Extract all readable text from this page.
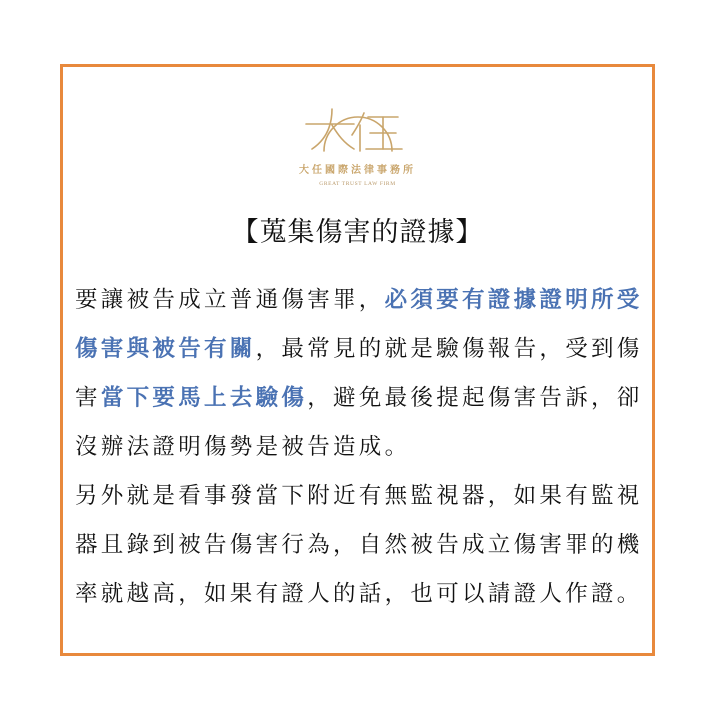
大任國際法律事務所
GREAT TRUST LAW FIRM
【蒐集傷害的證據】

要讓被告成立普通傷害罪，必須要有證據證明所受傷害與被告有關，最常見的就是驗傷報告，受到傷害當下要馬上去驗傷，避免最後提起傷害告訴，卻沒辦法證明傷勢是被告造成。

另外就是看事發當下附近有無監視器，如果有監視器且錄到被告傷害行為，自然被告成立傷害罪的機率就越高，如果有證人的話，也可以請證人作證。
